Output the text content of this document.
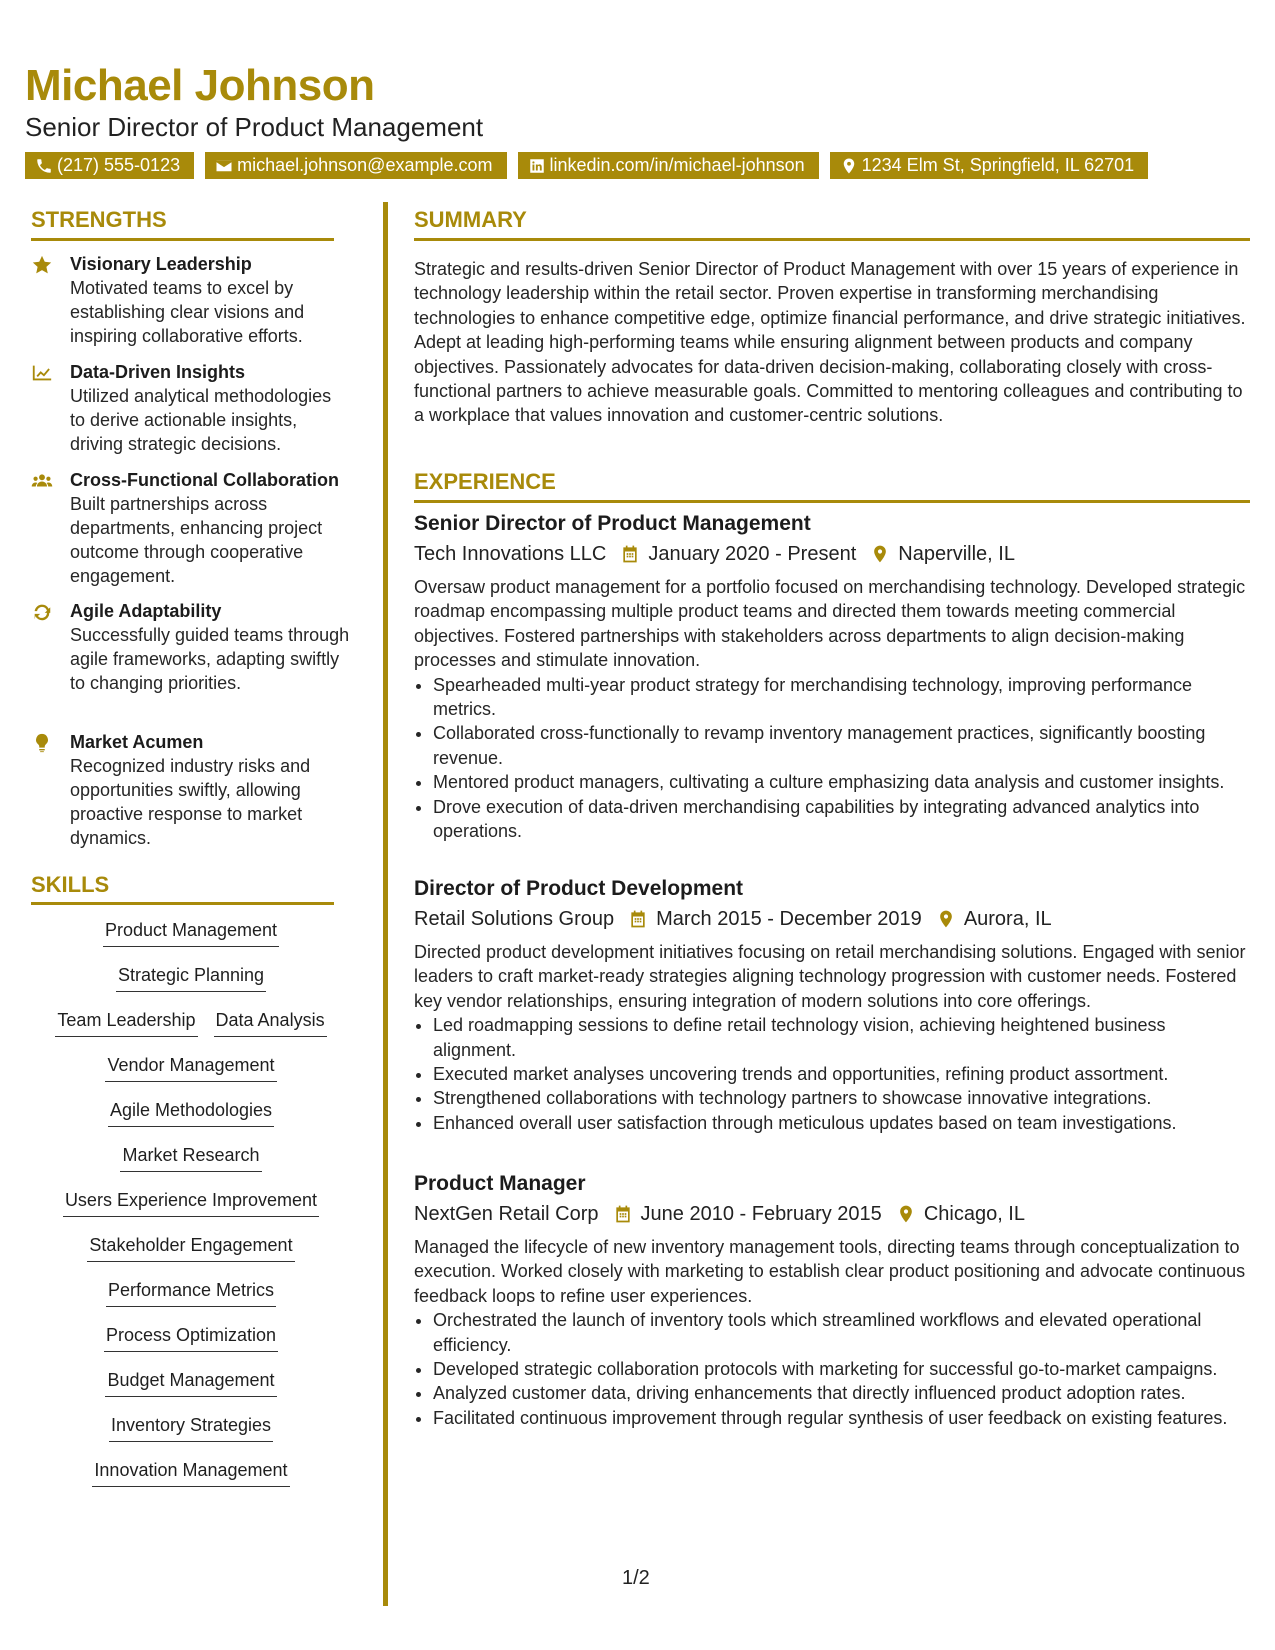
Michael Johnson
Senior Director of Product Management
(217) 555-0123	michael.johnson@example.com	linkedin.com/in/michael-johnson	1234 Elm St, Springfield, IL 62701
STRENGTHS
Visionary Leadership
Motivated teams to excel by establishing clear visions and inspiring collaborative efforts.
Data-Driven Insights
Utilized analytical methodologies to derive actionable insights, driving strategic decisions.
Cross-Functional Collaboration
Built partnerships across departments, enhancing project outcome through cooperative engagement.
Agile Adaptability
Successfully guided teams through agile frameworks, adapting swiftly to changing priorities.
Market Acumen
Recognized industry risks and opportunities swiftly, allowing proactive response to market dynamics.
SKILLS
Product Management
Strategic Planning
Team Leadership Data Analysis
Vendor Management
Agile Methodologies
Market Research
Users Experience Improvement
Stakeholder Engagement
Performance Metrics
Process Optimization
Budget Management
Inventory Strategies
Innovation Management
SUMMARY

Strategic and results-driven Senior Director of Product Management with over 15 years of experience in technology leadership within the retail sector. Proven expertise in transforming merchandising technologies to enhance competitive edge, optimize financial performance, and drive strategic initiatives. Adept at leading high-performing teams while ensuring alignment between products and company objectives. Passionately advocates for data-driven decision-making, collaborating closely with cross-functional partners to achieve measurable goals. Committed to mentoring colleagues and contributing to a workplace that values innovation and customer-centric solutions.

EXPERIENCE
Senior Director of Product Management
Tech Innovations LLC January 2020 - Present Naperville, IL

Oversaw product management for a portfolio focused on merchandising technology. Developed strategic roadmap encompassing multiple product teams and directed them towards meeting commercial objectives. Fostered partnerships with stakeholders across departments to align decision-making processes and stimulate innovation.

• Spearheaded multi-year product strategy for merchandising technology, improving performance metrics.
• Collaborated cross-functionally to revamp inventory management practices, significantly boosting revenue.
• Mentored product managers, cultivating a culture emphasizing data analysis and customer insights.
• Drove execution of data-driven merchandising capabilities by integrating advanced analytics into operations.
Director of Product Development
Retail Solutions Group March 2015 - December 2019 Aurora, IL

Directed product development initiatives focusing on retail merchandising solutions. Engaged with senior leaders to craft market-ready strategies aligning technology progression with customer needs. Fostered key vendor relationships, ensuring integration of modern solutions into core offerings.

• Led roadmapping sessions to define retail technology vision, achieving heightened business alignment.
• Executed market analyses uncovering trends and opportunities, refining product assortment.
• Strengthened collaborations with technology partners to showcase innovative integrations.
• Enhanced overall user satisfaction through meticulous updates based on team investigations.
Product Manager
NextGen Retail Corp June 2010 - February 2015 Chicago, IL

Managed the lifecycle of new inventory management tools, directing teams through conceptualization to execution. Worked closely with marketing to establish clear product positioning and advocate continuous feedback loops to refine user experiences.

• Orchestrated the launch of inventory tools which streamlined workflows and elevated operational efficiency.
• Developed strategic collaboration protocols with marketing for successful go-to-market campaigns.
• Analyzed customer data, driving enhancements that directly influenced product adoption rates.
• Facilitated continuous improvement through regular synthesis of user feedback on existing features.
1/2
